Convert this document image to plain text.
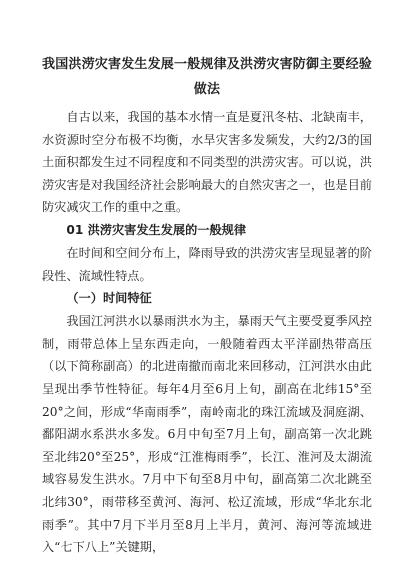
我国洪涝灾害发生发展一般规律及洪涝灾害防御主要经验做法

自古以来，我国的基本水情一直是夏汛冬枯、北缺南丰，水资源时空分布极不均衡，水旱灾害多发频发，大约2/3的国土面积都发生过不同程度和不同类型的洪涝灾害。可以说，洪涝灾害是对我国经济社会影响最大的自然灾害之一，也是目前防灾减灾工作的重中之重。

01 洪涝灾害发生发展的一般规律

在时间和空间分布上，降雨导致的洪涝灾害呈现显著的阶段性、流域性特点。

（一）时间特征

我国江河洪水以暴雨洪水为主，暴雨天气主要受夏季风控制，雨带总体上呈东西走向，一般随着西太平洋副热带高压（以下简称副高）的北进南撤而南北来回移动，江河洪水由此呈现出季节性特征。每年4月至6月上旬，副高在北纬15°至20°之间，形成“华南雨季”，南岭南北的珠江流域及洞庭湖、鄱阳湖水系洪水多发。6月中旬至7月上旬，副高第一次北跳至北纬20°至25°，形成“江淮梅雨季”，长江、淮河及太湖流域容易发生洪水。7月中下旬至8月中旬，副高第二次北跳至北纬30°，雨带移至黄河、海河、松辽流域，形成“华北东北雨季”。其中7月下半月至8月上半月，黄河、海河等流域进入“七下八上”关键期，
